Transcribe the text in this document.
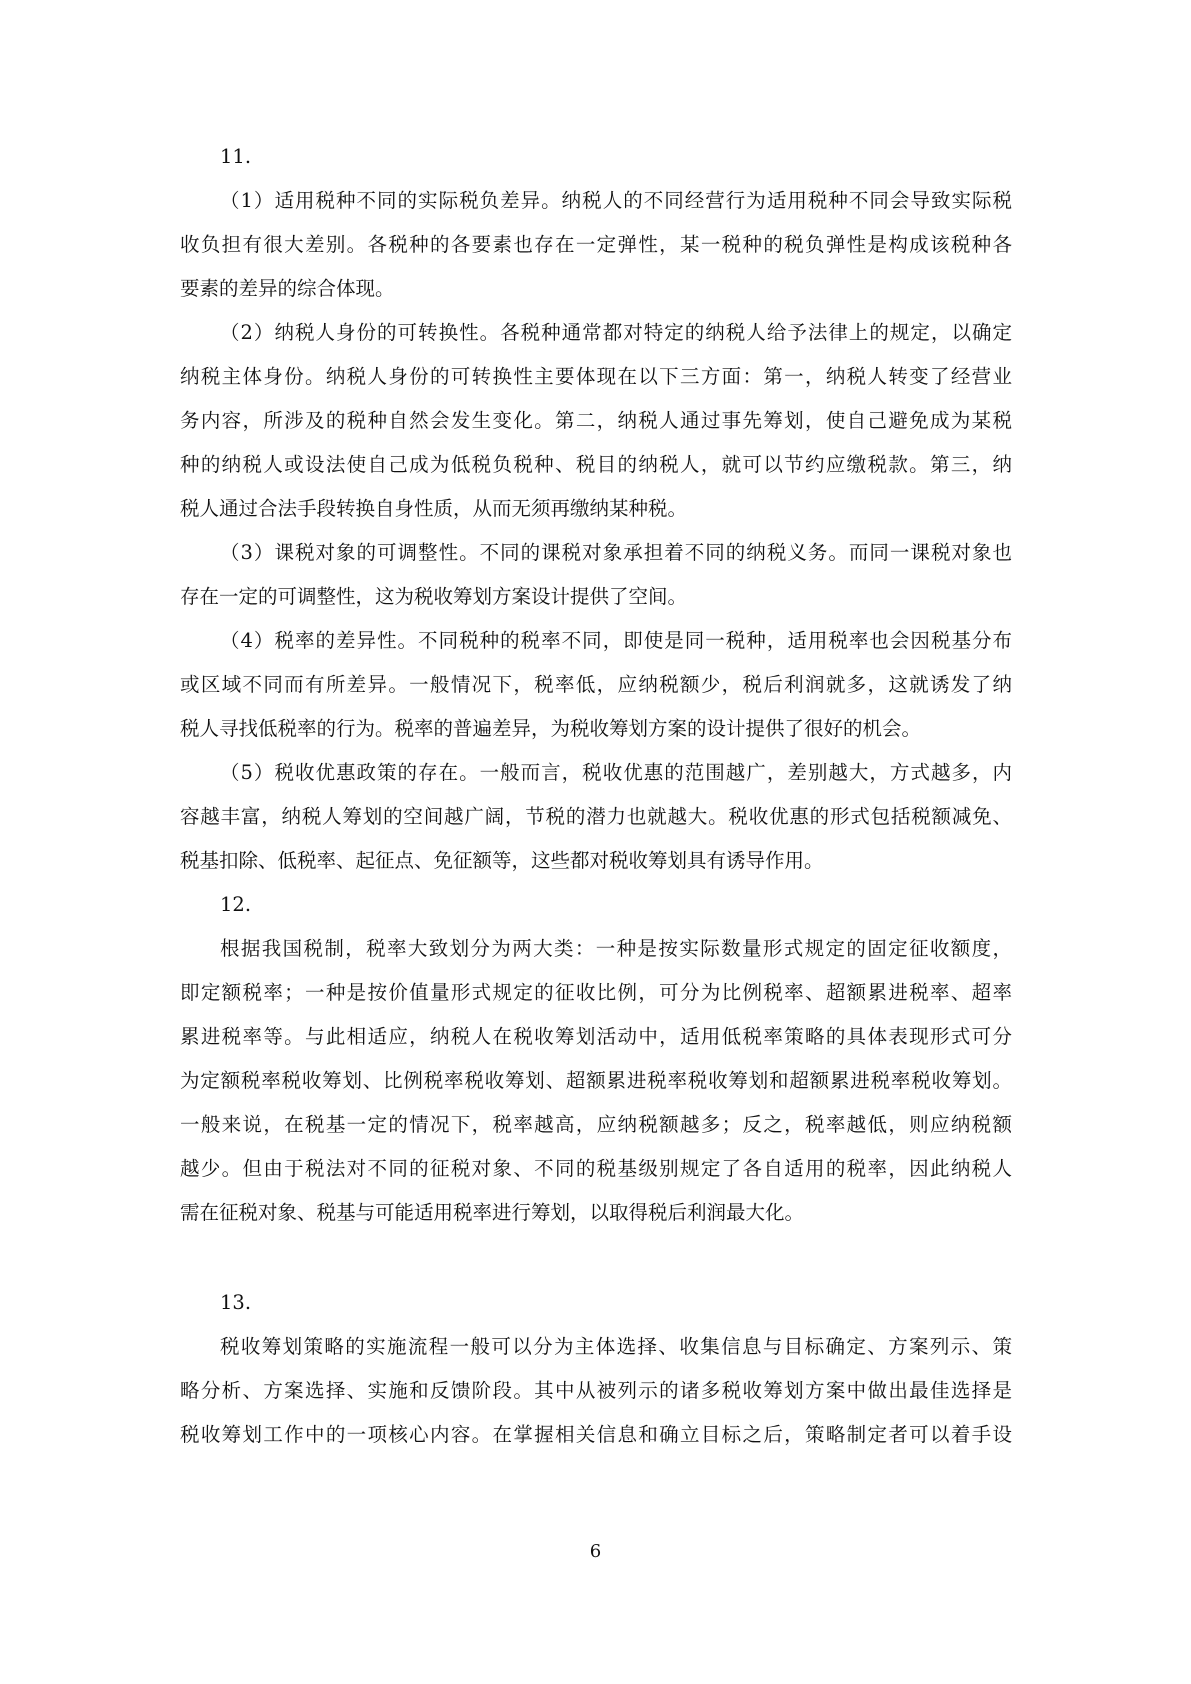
11.
（1）适用税种不同的实际税负差异。纳税人的不同经营行为适用税种不同会导致实际税
收负担有很大差别。各税种的各要素也存在一定弹性，某一税种的税负弹性是构成该税种各
要素的差异的综合体现。
（2）纳税人身份的可转换性。各税种通常都对特定的纳税人给予法律上的规定，以确定
纳税主体身份。纳税人身份的可转换性主要体现在以下三方面：第一，纳税人转变了经营业
务内容，所涉及的税种自然会发生变化。第二，纳税人通过事先筹划，使自己避免成为某税
种的纳税人或设法使自己成为低税负税种、税目的纳税人，就可以节约应缴税款。第三，纳
税人通过合法手段转换自身性质，从而无须再缴纳某种税。
（3）课税对象的可调整性。不同的课税对象承担着不同的纳税义务。而同一课税对象也
存在一定的可调整性，这为税收筹划方案设计提供了空间。
（4）税率的差异性。不同税种的税率不同，即使是同一税种，适用税率也会因税基分布
或区域不同而有所差异。一般情况下，税率低，应纳税额少，税后利润就多，这就诱发了纳
税人寻找低税率的行为。税率的普遍差异，为税收筹划方案的设计提供了很好的机会。
（5）税收优惠政策的存在。一般而言，税收优惠的范围越广，差别越大，方式越多，内
容越丰富，纳税人筹划的空间越广阔，节税的潜力也就越大。税收优惠的形式包括税额减免、
税基扣除、低税率、起征点、免征额等，这些都对税收筹划具有诱导作用。
12.
根据我国税制，税率大致划分为两大类：一种是按实际数量形式规定的固定征收额度，
即定额税率；一种是按价值量形式规定的征收比例，可分为比例税率、超额累进税率、超率
累进税率等。与此相适应，纳税人在税收筹划活动中，适用低税率策略的具体表现形式可分
为定额税率税收筹划、比例税率税收筹划、超额累进税率税收筹划和超额累进税率税收筹划。
一般来说，在税基一定的情况下，税率越高，应纳税额越多；反之，税率越低，则应纳税额
越少。但由于税法对不同的征税对象、不同的税基级别规定了各自适用的税率，因此纳税人
需在征税对象、税基与可能适用税率进行筹划，以取得税后利润最大化。
13.
税收筹划策略的实施流程一般可以分为主体选择、收集信息与目标确定、方案列示、策
略分析、方案选择、实施和反馈阶段。其中从被列示的诸多税收筹划方案中做出最佳选择是
税收筹划工作中的一项核心内容。在掌握相关信息和确立目标之后，策略制定者可以着手设
6
